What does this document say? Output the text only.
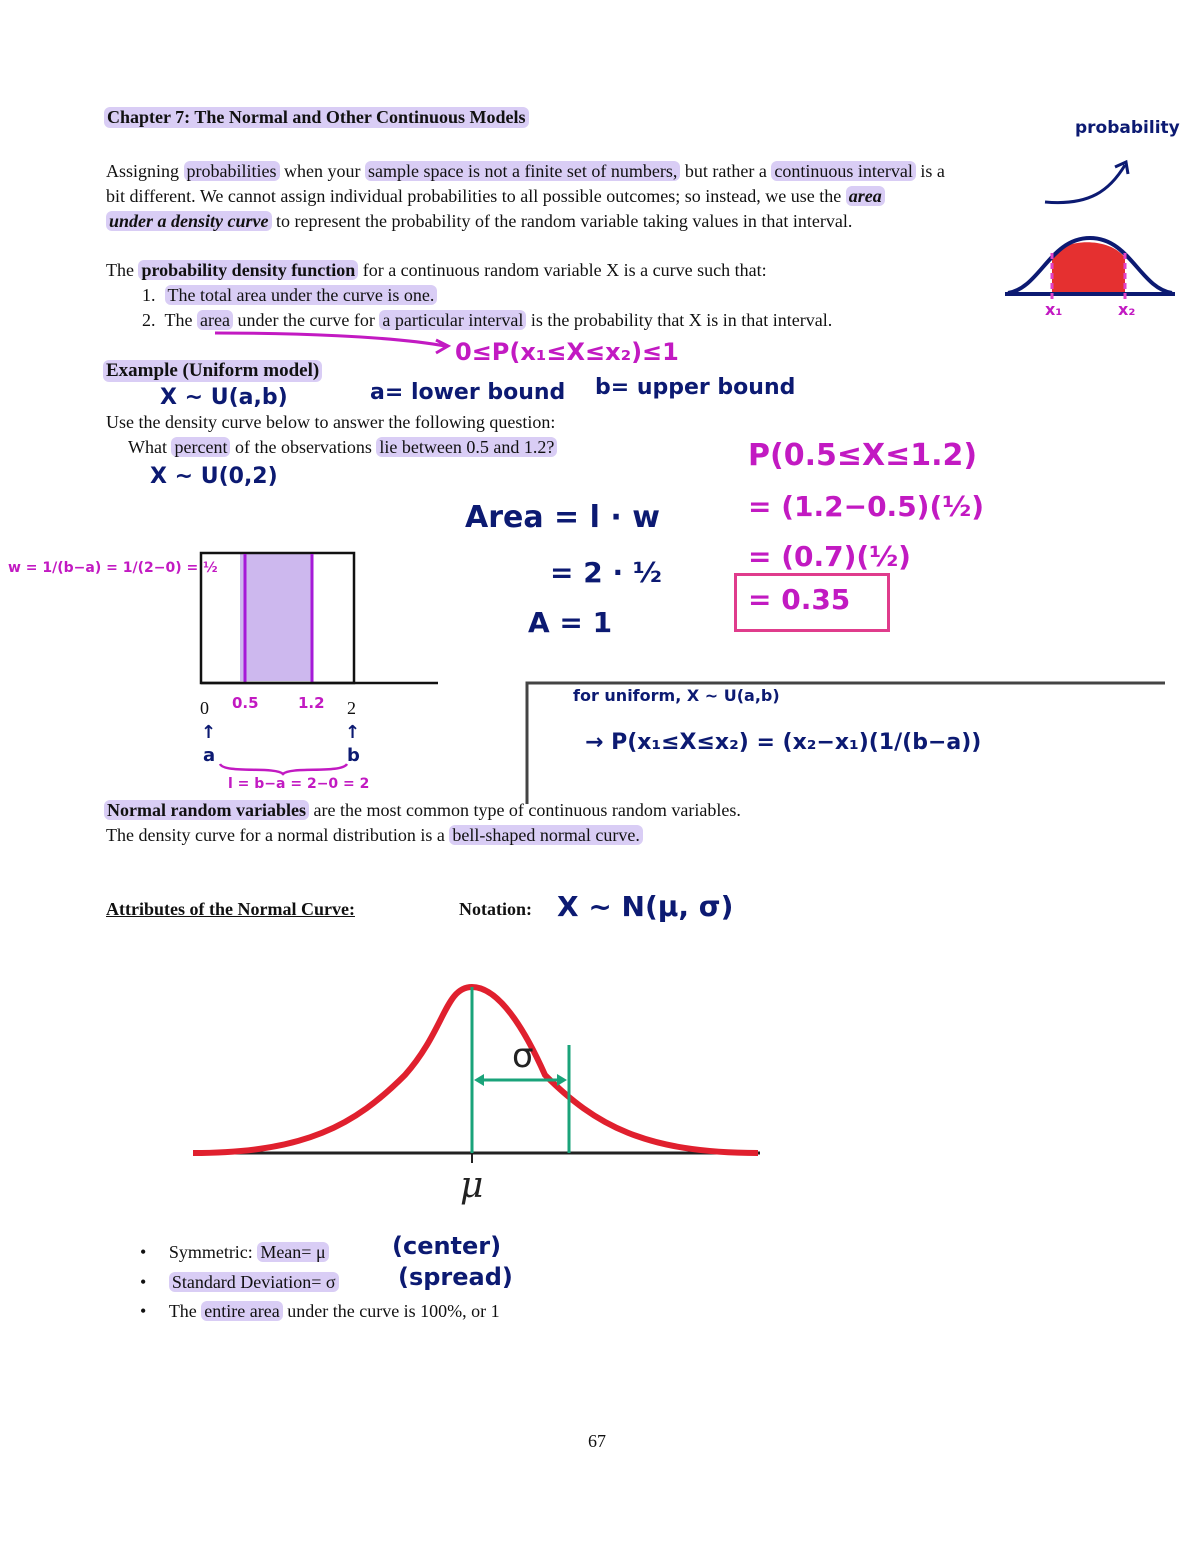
Chapter 7: The Normal and Other Continuous Models
probability
Assigning probabilities when your sample space is not a finite set of numbers, but rather a continuous interval is a
bit different. We cannot assign individual probabilities to all possible outcomes; so instead, we use the area
under a density curve to represent the probability of the random variable taking values in that interval.
x₁	x₂
The probability density function for a continuous random variable X is a curve such that:
1. The total area under the curve is one.
2. The area under the curve for a particular interval is the probability that X is in that interval.
0≤P(x₁≤X≤x₂)≤1
Example (Uniform model)
X ~ U(a,b)	a= lower bound b= upper bound
Use the density curve below to answer the following question:
What percent of the observations lie between 0.5 and 1.2?
X ~ U(0,2)
Area = l · w
= 2 · ½
A = 1
P(0.5≤X≤1.2)
= (1.2−0.5)(½)
= (0.7)(½)
= 0.35
w = 1/(b−a) = 1/(2−0) = ½
0	2
0.5	1.2
↑
a
↑
b
l = b−a = 2−0 = 2
for uniform, X ~ U(a,b)
→ P(x₁≤X≤x₂) = (x₂−x₁)(1/(b−a))
Normal random variables are the most common type of continuous random variables.
The density curve for a normal distribution is a bell-shaped normal curve.
Attributes of the Normal Curve:	Notation: X ~ N(μ, σ)
σ
μ
• Symmetric: Mean= μ	(center)
• Standard Deviation= σ	(spread)
• The entire area under the curve is 100%, or 1
67
